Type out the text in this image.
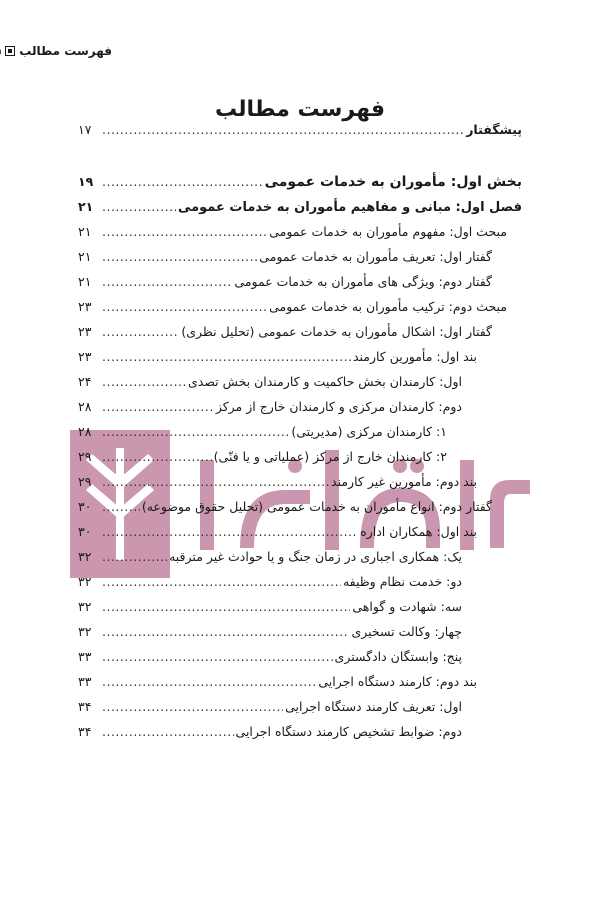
فهرست مطالب
فهرست مطالب
پیشگفتار
.....
۱۷
بخش اول: مأموران به خدمات عمومی
.....
۱۹
فصل اول: مبانی و مفاهیم مأموران به خدمات عمومی
.....
۲۱
مبحث اول: مفهوم مأموران به خدمات عمومی
.....
۲۱
گفتار اول: تعریف مأموران به خدمات عمومی
.....
۲۱
گفتار دوم: ویژگی های مأموران به خدمات عمومی
.....
۲۱
مبحث دوم: ترکیب مأموران به خدمات عمومی
.....
۲۳
گفتار اول: اشکال مأموران به خدمات عمومی (تحلیل نظری)
.....
۲۳
بند اول: مأمورین کارمند
.....
۲۳
اول: کارمندان بخش حاکمیت و کارمندان بخش تصدی
.....
۲۴
دوم: کارمندان مرکزی و کارمندان خارج از مرکز
.....
۲۸
۱: کارمندان مرکزی (مدیریتی)
.....
۲۸
۲: کارمندان خارج از مرکز (عملیاتی و یا فنّی)
.....
۲۹
بند دوم: مأمورین غیر کارمند
.....
۲۹
گفتار دوم: انواع مأموران به خدمات عمومی (تحلیل حقوق موضوعه)
.....
۳۰
بند اول: همکاران اداره
.....
۳۰
یک: همکاری اجباری در زمان جنگ و یا حوادث غیر مترقبه
.....
۳۲
دو: خدمت نظام وظیفه
.....
۳۲
سه: شهادت و گواهی
.....
۳۲
چهار: وکالت تسخیری
.....
۳۲
پنج: وابستگان دادگستری
.....
۳۳
بند دوم: کارمند دستگاه اجرایی
.....
۳۳
اول: تعریف کارمند دستگاه اجرایی
.....
۳۴
دوم: ضوابط تشخیص کارمند دستگاه اجرایی
.....
۳۴
